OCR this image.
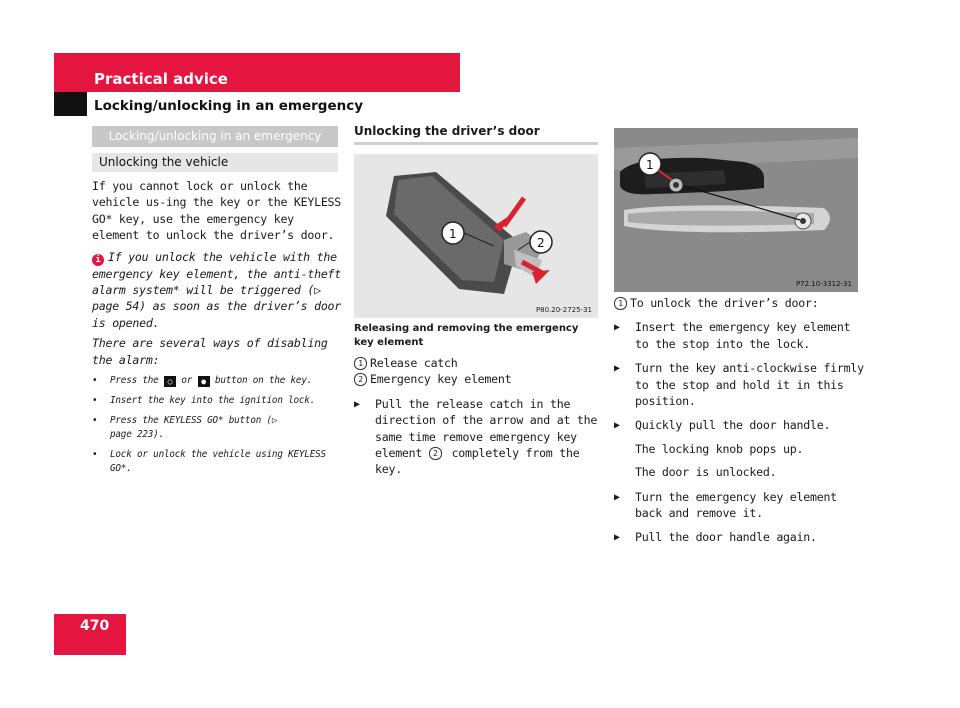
Practical advice
Locking/unlocking in an emergency
470
Locking/unlocking in an emergency
Unlocking the vehicle

If you cannot lock or unlock the vehicle us-ing the key or the KEYLESS GO* key, use the emergency key element to unlock the driver’s door.

i If you unlock the vehicle with the emergency key element, the anti-theft alarm system* will be triggered (▷ page 54) as soon as the driver’s door is opened.

There are several ways of disabling the alarm:

• Press the ○ or ● button on the key.
• Insert the key into the ignition lock.
• Press the KEYLESS GO* button (▷ page 223).
• Lock or unlock the vehicle using KEYLESS GO*.
Unlocking the driver’s door
1
2
P80.20-2725-31
Releasing and removing the emergency key element

1 Release catch

2 Emergency key element

▶ Pull the release catch in the direction of the arrow and at the same time remove emergency key element 2 completely from the key.

1
P72.10-3312-31

1 To unlock the driver’s door:

▶ Insert the emergency key element to the stop into the lock.

▶ Turn the key anti-clockwise firmly to the stop and hold it in this position.

▶ Quickly pull the door handle.

The locking knob pops up.

The door is unlocked.

▶ Turn the emergency key element back and remove it.

▶ Pull the door handle again.
